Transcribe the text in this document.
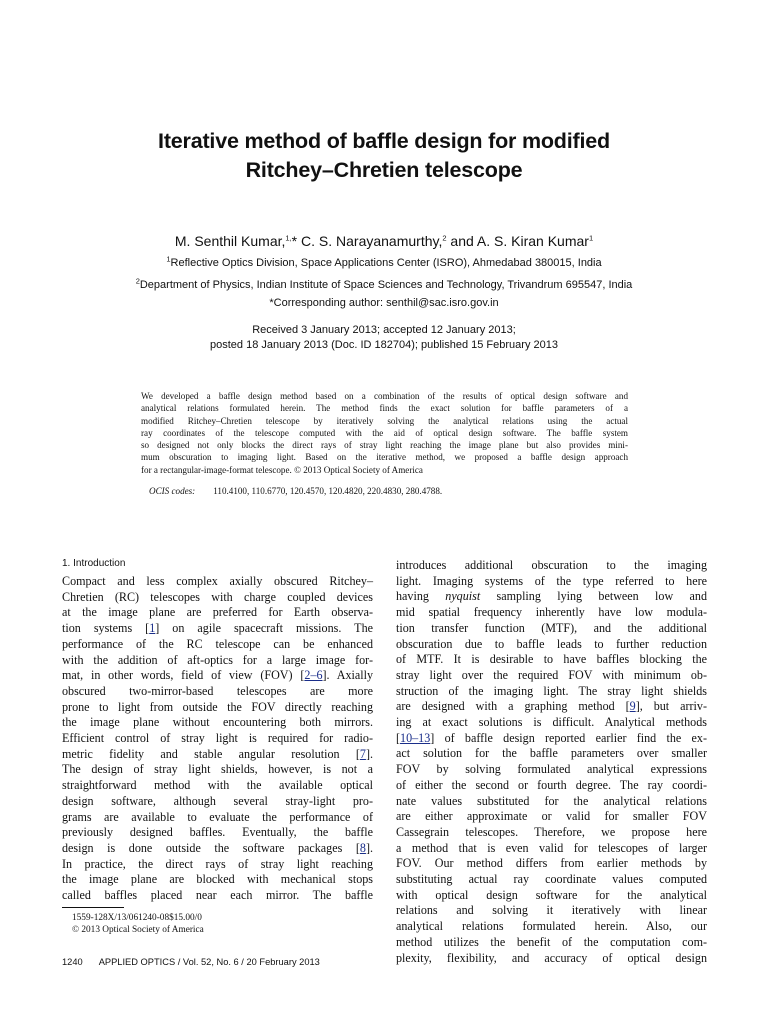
Iterative method of baffle design for modified
Ritchey–Chretien telescope
M. Senthil Kumar,$^{1,}$* C. S. Narayanamurthy,$^2$ and A. S. Kiran Kumar$^1$
$^1$Reflective Optics Division, Space Applications Center (ISRO), Ahmedabad 380015, India
$^2$Department of Physics, Indian Institute of Space Sciences and Technology, Trivandrum 695547, India
*Corresponding author: senthil@sac.isro.gov.in
Received 3 January 2013; accepted 12 January 2013;
posted 18 January 2013 (Doc. ID 182704); published 15 February 2013
We developed a baffle design method based on a combination of the results of optical design software and
analytical relations formulated herein. The method finds the exact solution for baffle parameters of a
modified Ritchey–Chretien telescope by iteratively solving the analytical relations using the actual
ray coordinates of the telescope computed with the aid of optical design software. The baffle system
so designed not only blocks the direct rays of stray light reaching the image plane but also provides mini-
mum obscuration to imaging light. Based on the iterative method, we proposed a baffle design approach
for a rectangular-image-format telescope. © 2013 Optical Society of America
OCIS codes: 110.4100, 110.6770, 120.4570, 120.4820, 220.4830, 280.4788.
1. Introduction
Compact and less complex axially obscured Ritchey–
Chretien (RC) telescopes with charge coupled devices
at the image plane are preferred for Earth observa-
tion systems [1] on agile spacecraft missions. The
performance of the RC telescope can be enhanced
with the addition of aft-optics for a large image for-
mat, in other words, field of view (FOV) [2–6]. Axially
obscured two-mirror-based telescopes are more
prone to light from outside the FOV directly reaching
the image plane without encountering both mirrors.
Efficient control of stray light is required for radio-
metric fidelity and stable angular resolution [7].
The design of stray light shields, however, is not a
straightforward method with the available optical
design software, although several stray-light pro-
grams are available to evaluate the performance of
previously designed baffles. Eventually, the baffle
design is done outside the software packages [8].
In practice, the direct rays of stray light reaching
the image plane are blocked with mechanical stops
called baffles placed near each mirror. The baffle
introduces additional obscuration to the imaging
light. Imaging systems of the type referred to here
having nyquist sampling lying between low and
mid spatial frequency inherently have low modula-
tion transfer function (MTF), and the additional
obscuration due to baffle leads to further reduction
of MTF. It is desirable to have baffles blocking the
stray light over the required FOV with minimum ob-
struction of the imaging light. The stray light shields
are designed with a graphing method [9], but arriv-
ing at exact solutions is difficult. Analytical methods
[10–13] of baffle design reported earlier find the ex-
act solution for the baffle parameters over smaller
FOV by solving formulated analytical expressions
of either the second or fourth degree. The ray coordi-
nate values substituted for the analytical relations
are either approximate or valid for smaller FOV
Cassegrain telescopes. Therefore, we propose here
a method that is even valid for telescopes of larger
FOV. Our method differs from earlier methods by
substituting actual ray coordinate values computed
with optical design software for the analytical
relations and solving it iteratively with linear
analytical relations formulated herein. Also, our
method utilizes the benefit of the computation com-
plexity, flexibility, and accuracy of optical design
1559-128X/13/061240-08$15.00/0
© 2013 Optical Society of America
1240 APPLIED OPTICS / Vol. 52, No. 6 / 20 February 2013
